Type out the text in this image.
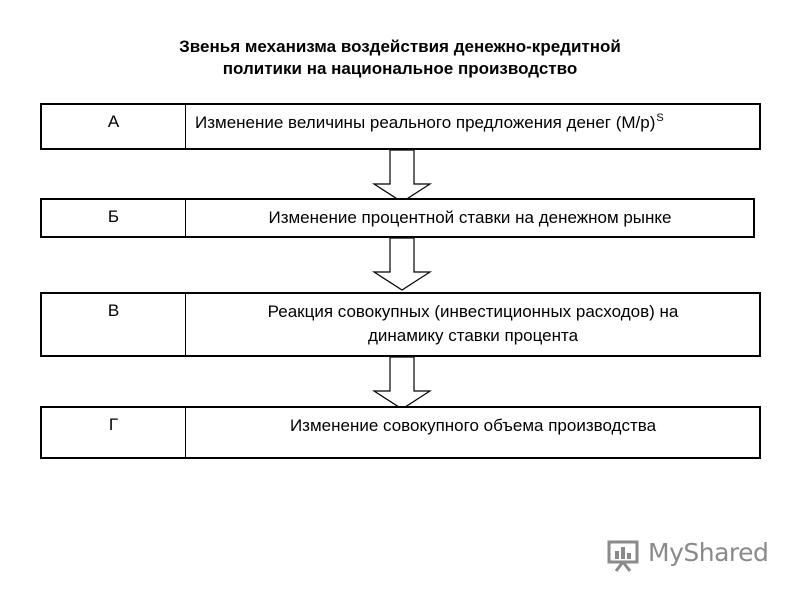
Звенья механизма воздействия денежно-кредитной
политики на национальное производство
А	Изменение величины реального предложения денег $(M/p)^S$
Б	Изменение процентной ставки на денежном рынке
В	Реакция совокупных (инвестиционных расходов) на
динамику ставки процента
Г	Изменение совокупного объема производства
MyShared
